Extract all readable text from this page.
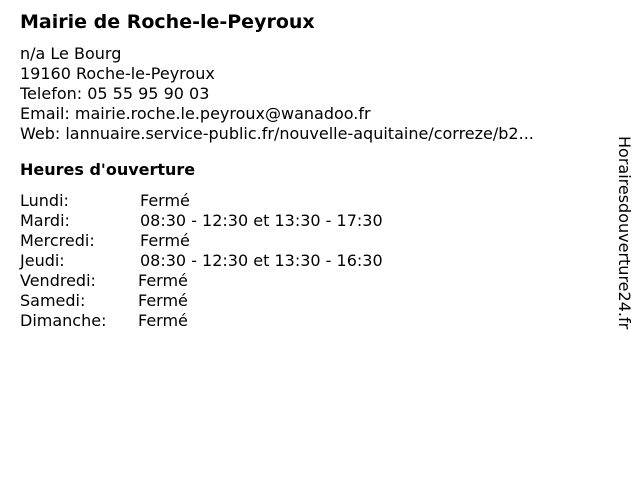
Mairie de Roche-le-Peyroux
n/a Le Bourg
19160 Roche-le-Peyroux
Telefon: 05 55 95 90 03
Email: mairie.roche.le.peyroux@wanadoo.fr
Web: lannuaire.service-public.fr/nouvelle-aquitaine/correze/b2...
Heures d'ouverture
Lundi:	Fermé
Mardi:	08:30 - 12:30 et 13:30 - 17:30
Mercredi:	Fermé
Jeudi:	08:30 - 12:30 et 13:30 - 16:30
Vendredi:	Fermé
Samedi:	Fermé
Dimanche: Fermé	Horairesdouverture24.fr
